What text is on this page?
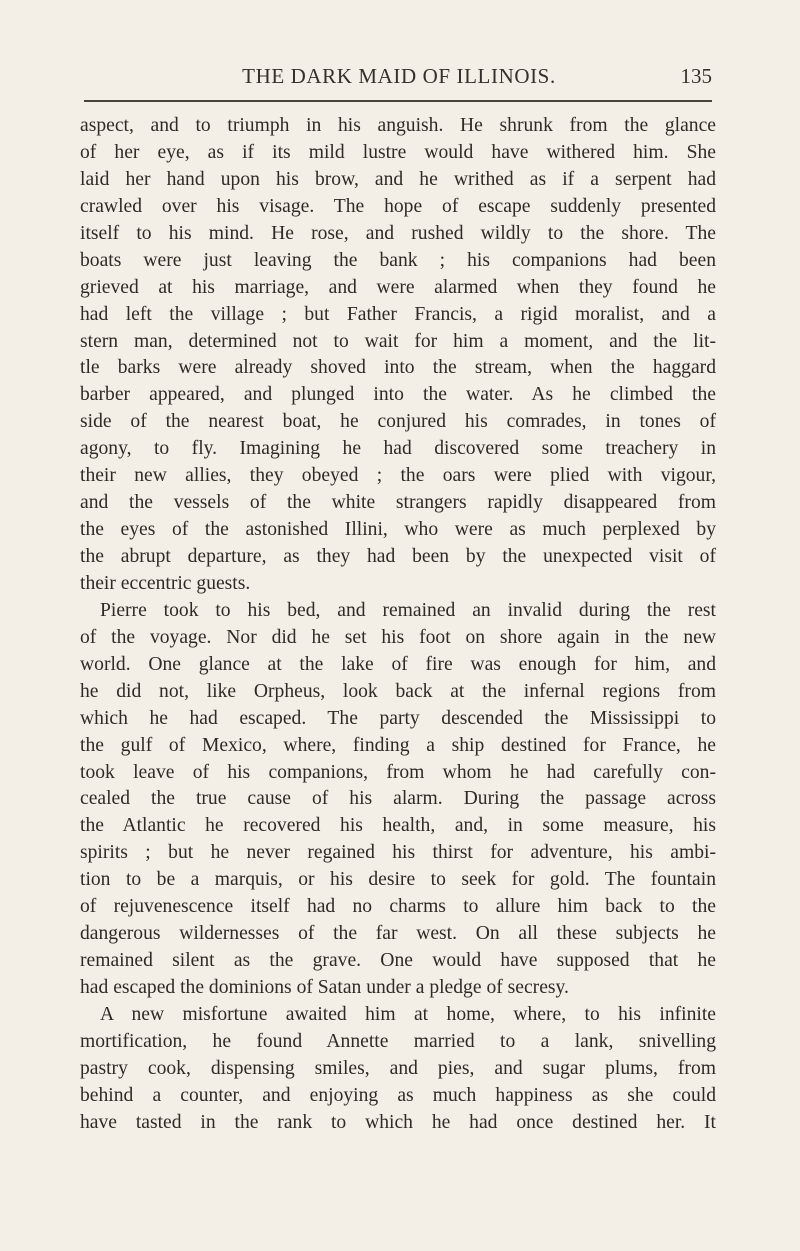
THE DARK MAID OF ILLINOIS.	135
aspect, and to triumph in his anguish. He shrunk from the glance
of her eye, as if its mild lustre would have withered him. She
laid her hand upon his brow, and he writhed as if a serpent had
crawled over his visage. The hope of escape suddenly presented
itself to his mind. He rose, and rushed wildly to the shore. The
boats were just leaving the bank ; his companions had been
grieved at his marriage, and were alarmed when they found he
had left the village ; but Father Francis, a rigid moralist, and a
stern man, determined not to wait for him a moment, and the lit-
tle barks were already shoved into the stream, when the haggard
barber appeared, and plunged into the water. As he climbed the
side of the nearest boat, he conjured his comrades, in tones of
agony, to fly. Imagining he had discovered some treachery in
their new allies, they obeyed ; the oars were plied with vigour,
and the vessels of the white strangers rapidly disappeared from
the eyes of the astonished Illini, who were as much perplexed by
the abrupt departure, as they had been by the unexpected visit of
their eccentric guests.
Pierre took to his bed, and remained an invalid during the rest
of the voyage. Nor did he set his foot on shore again in the new
world. One glance at the lake of fire was enough for him, and
he did not, like Orpheus, look back at the infernal regions from
which he had escaped. The party descended the Mississippi to
the gulf of Mexico, where, finding a ship destined for France, he
took leave of his companions, from whom he had carefully con-
cealed the true cause of his alarm. During the passage across
the Atlantic he recovered his health, and, in some measure, his
spirits ; but he never regained his thirst for adventure, his ambi-
tion to be a marquis, or his desire to seek for gold. The fountain
of rejuvenescence itself had no charms to allure him back to the
dangerous wildernesses of the far west. On all these subjects he
remained silent as the grave. One would have supposed that he
had escaped the dominions of Satan under a pledge of secresy.
A new misfortune awaited him at home, where, to his infinite
mortification, he found Annette married to a lank, snivelling
pastry cook, dispensing smiles, and pies, and sugar plums, from
behind a counter, and enjoying as much happiness as she could
have tasted in the rank to which he had once destined her. It
